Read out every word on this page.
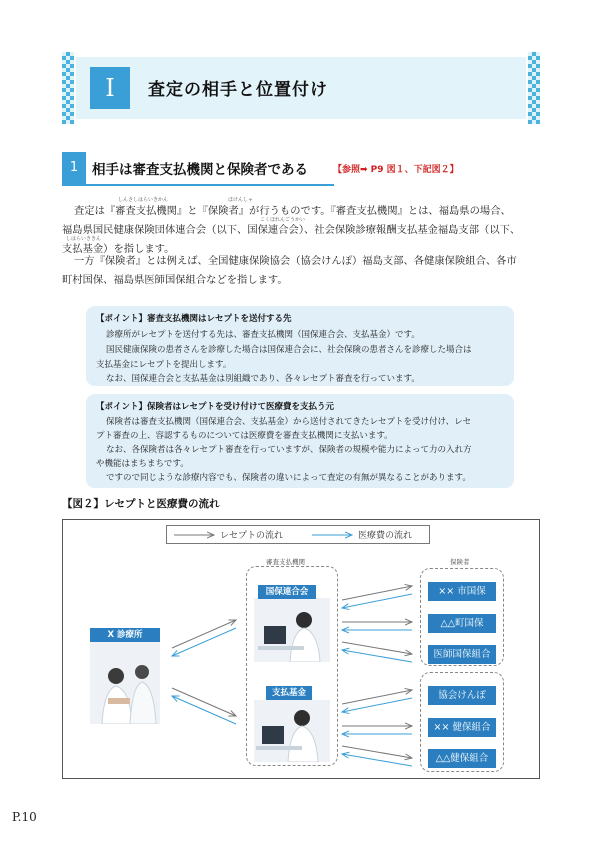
I	査定の相手と位置付け
1	相手は審査支払機関と保険者である	【参照➡ P9 図１、下記図２】
しんさしはらいきかん	ほけんしゃ
査定は『審査支払機関』と『保険者』が行うものです。『審査支払機関』とは、福島県の場合、
こくほれんごうかい
福島県国民健康保険団体連合会（以下、国保連合会）、社会保険診療報酬支払基金福島支部（以下、
しはらいききん
支払基金）を指します。
一方『保険者』とは例えば、全国健康保険協会（協会けんぽ）福島支部、各健康保険組合、各市
町村国保、福島県医師国保組合などを指します。
【ポイント】審査支払機関はレセプトを送付する先
診療所がレセプトを送付する先は、審査支払機関（国保連合会、支払基金）です。
国民健康保険の患者さんを診療した場合は国保連合会に、社会保険の患者さんを診療した場合は
支払基金にレセプトを提出します。
なお、国保連合会と支払基金は別組織であり、各々レセプト審査を行っています。
【ポイント】保険者はレセプトを受け付けて医療費を支払う元
保険者は審査支払機関（国保連合会、支払基金）から送付されてきたレセプトを受け付け、レセ
プト審査の上、容認するものについては医療費を審査支払機関に支払います。
なお、各保険者は各々レセプト審査を行っていますが、保険者の規模や能力によって力の入れ方
や機能はまちまちです。
ですので同じような診療内容でも、保険者の違いによって査定の有無が異なることがあります。
【図２】レセプトと医療費の流れ
レセプトの流れ	医療費の流れ
審査支払機関	保険者
X 診療所
国保連合会
支払基金
×× 市国保
△△町国保
医師国保組合
協会けんぽ
×× 健保組合
△△健保組合
P.10
